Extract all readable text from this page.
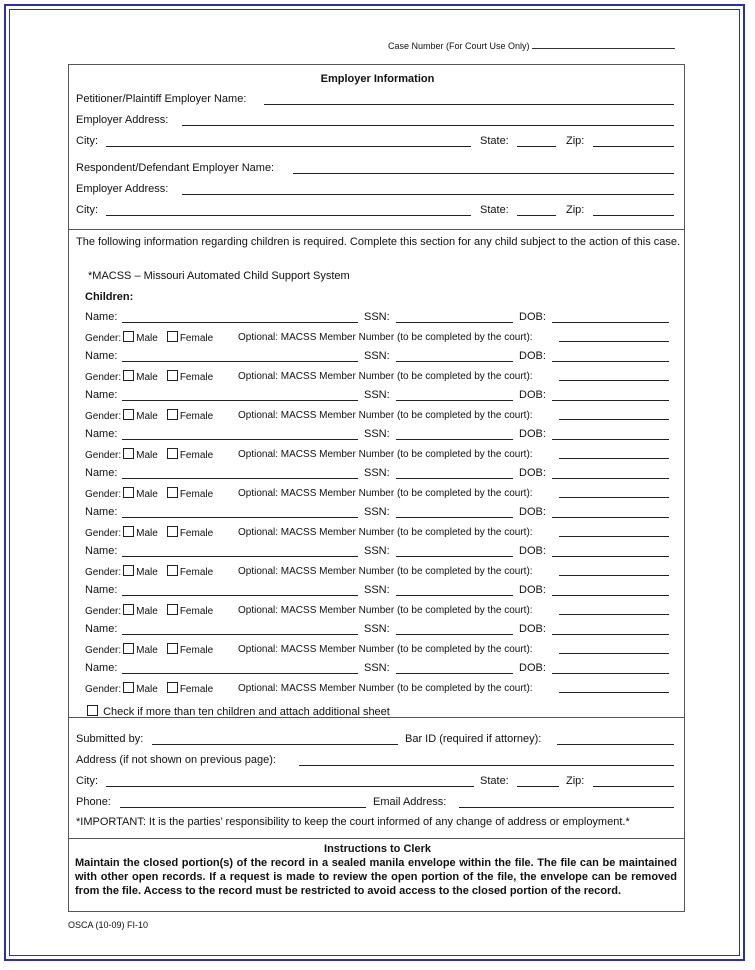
Case Number (For Court Use Only)
Employer Information
Petitioner/Plaintiff Employer Name:
Employer Address:
City:	State:	Zip:
Respondent/Defendant Employer Name:
Employer Address:
City:	State:	Zip:
The following information regarding children is required. Complete this section for any child subject to the action of this case.
*MACSS – Missouri Automated Child Support System
Children:
Name:	SSN:	DOB:
Gender: Male Female Optional: MACSS Member Number (to be completed by the court):
Name:	SSN:	DOB:
Gender: Male Female Optional: MACSS Member Number (to be completed by the court):
Name:	SSN:	DOB:
Gender: Male Female Optional: MACSS Member Number (to be completed by the court):
Name:	SSN:	DOB:
Gender: Male Female Optional: MACSS Member Number (to be completed by the court):
Name:	SSN:	DOB:
Gender: Male Female Optional: MACSS Member Number (to be completed by the court):
Name:	SSN:	DOB:
Gender: Male Female Optional: MACSS Member Number (to be completed by the court):
Name:	SSN:	DOB:
Gender: Male Female Optional: MACSS Member Number (to be completed by the court):
Name:	SSN:	DOB:
Gender: Male Female Optional: MACSS Member Number (to be completed by the court):
Name:	SSN:	DOB:
Gender: Male Female Optional: MACSS Member Number (to be completed by the court):
Name:	SSN:	DOB:
Gender: Male Female Optional: MACSS Member Number (to be completed by the court):
Check if more than ten children and attach additional sheet
Submitted by:	Bar ID (required if attorney):
Address (if not shown on previous page):
City:	State:	Zip:
Phone:	Email Address:
*IMPORTANT: It is the parties’ responsibility to keep the court informed of any change of address or employment.*
Instructions to Clerk
Maintain the closed portion(s) of the record in a sealed manila envelope within the file. The file can be maintained with other open records. If a request is made to review the open portion of the file, the envelope can be removed from the file. Access to the record must be restricted to avoid access to the closed portion of the record.
OSCA (10-09) FI-10
